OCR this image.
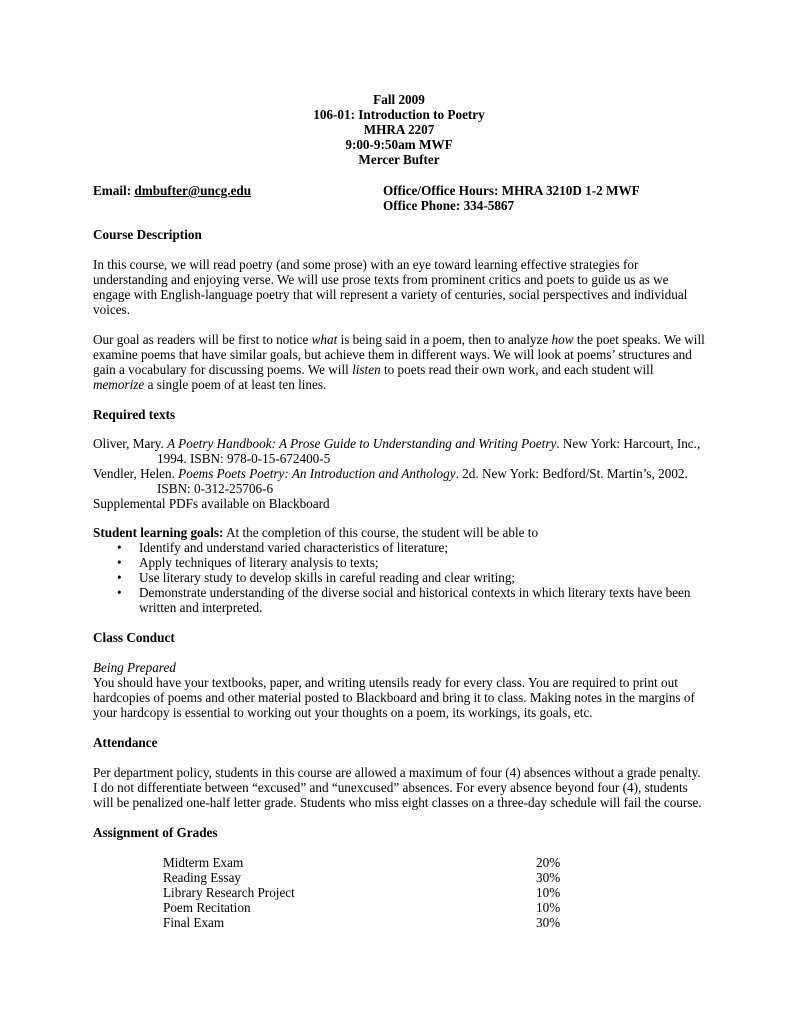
Fall 2009
106-01: Introduction to Poetry
MHRA 2207
9:00-9:50am MWF
Mercer Bufter
Email: dmbufter@uncg.edu	Office/Office Hours: MHRA 3210D 1-2 MWF
Office Phone: 334-5867
Course Description

In this course, we will read poetry (and some prose) with an eye toward learning effective strategies for understanding and enjoying verse. We will use prose texts from prominent critics and poets to guide us as we engage with English-language poetry that will represent a variety of centuries, social perspectives and individual voices.

Our goal as readers will be first to notice what is being said in a poem, then to analyze how the poet speaks. We will examine poems that have similar goals, but achieve them in different ways. We will look at poems’ structures and gain a vocabulary for discussing poems. We will listen to poets read their own work, and each student will memorize a single poem of at least ten lines.

Required texts

Oliver, Mary. A Poetry Handbook: A Prose Guide to Understanding and Writing Poetry. New York: Harcourt, Inc., 1994. ISBN: 978-0-15-672400-5

Vendler, Helen. Poems Poets Poetry: An Introduction and Anthology. 2d. New York: Bedford/St. Martin’s, 2002. ISBN: 0-312-25706-6

Supplemental PDFs available on Blackboard

Student learning goals: At the completion of this course, the student will be able to

• Identify and understand varied characteristics of literature;
• Apply techniques of literary analysis to texts;
• Use literary study to develop skills in careful reading and clear writing;
• Demonstrate understanding of the diverse social and historical contexts in which literary texts have been written and interpreted.
Class Conduct

Being Prepared

You should have your textbooks, paper, and writing utensils ready for every class. You are required to print out hardcopies of poems and other material posted to Blackboard and bring it to class. Making notes in the margins of your hardcopy is essential to working out your thoughts on a poem, its workings, its goals, etc.

Attendance

Per department policy, students in this course are allowed a maximum of four (4) absences without a grade penalty. I do not differentiate between “excused” and “unexcused” absences. For every absence beyond four (4), students will be penalized one-half letter grade. Students who miss eight classes on a three-day schedule will fail the course.

Assignment of Grades
Midterm Exam	20%
Reading Essay	30%
Library Research Project	10%
Poem Recitation	10%
Final Exam	30%
